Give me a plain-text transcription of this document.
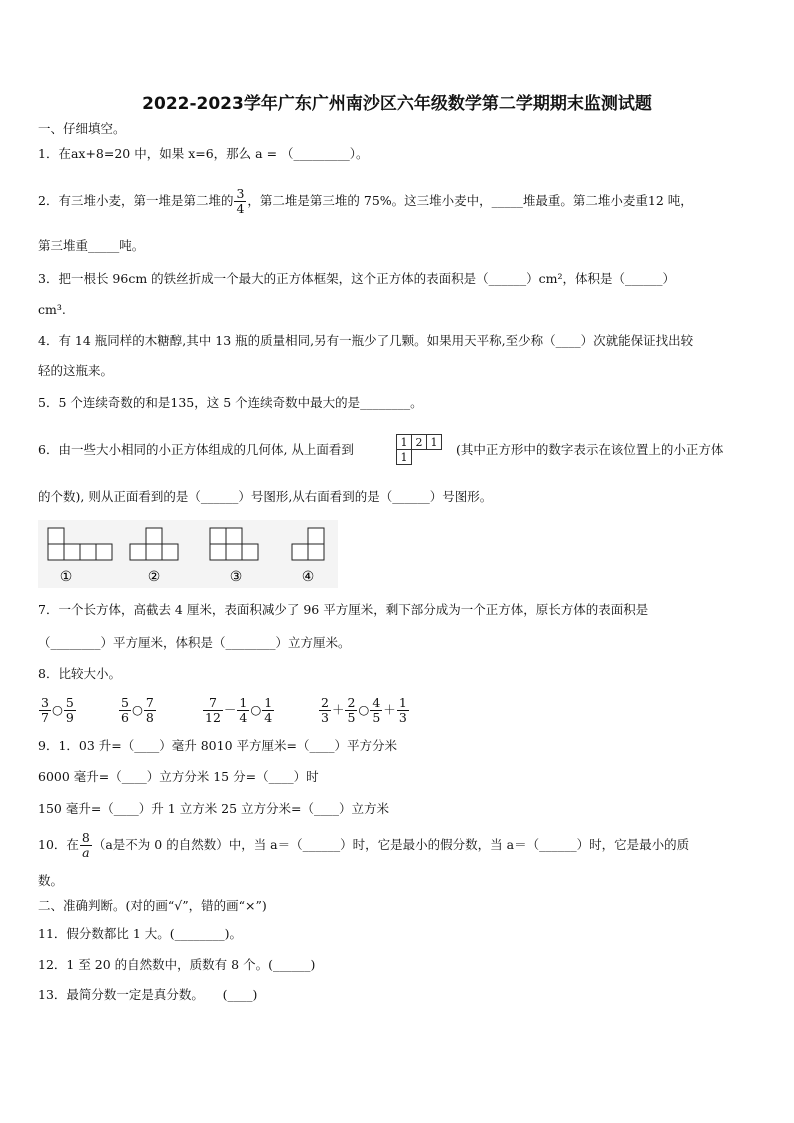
2022-2023学年广东广州南沙区六年级数学第二学期期末监测试题
一、仔细填空。
1．在ax+8=20 中，如果 x=6，那么 a = （_________）。
2．有三堆小麦，第一堆是第二堆的 $\frac{3}{4}$ ，第二堆是第三堆的 75%。这三堆小麦中，_____堆最重。第二堆小麦重12 吨，
第三堆重_____吨。
3．把一根长 96cm 的铁丝折成一个最大的正方体框架，这个正方体的表面积是（______）cm²，体积是（______）
cm³.
4．有 14 瓶同样的木糖醇,其中 13 瓶的质量相同,另有一瓶少了几颗。如果用天平称,至少称（____）次就能保证找出较
轻的这瓶来。
5．5 个连续奇数的和是135，这 5 个连续奇数中最大的是________。
6．由一些大小相同的小正方体组成的几何体, 从上面看到	1	2	1
1			(其中正方形中的数字表示在该位置上的小正方体
的个数), 则从正面看到的是（______）号图形,从右面看到的是（______）号图形。
①	②	③	④
7．一个长方体，高截去 4 厘米，表面积减少了 96 平方厘米，剩下部分成为一个正方体，原长方体的表面积是
（________）平方厘米，体积是（________）立方厘米。
8．比较大小。
$\frac{3}{7}$ ○ $\frac{5}{9}$	$\frac{5}{6}$ ○ $\frac{7}{8}$	$\frac{7}{12} - \frac{1}{4}$ ○ $\frac{1}{4}$	$\frac{2}{3} + \frac{2}{5}$ ○ $\frac{4}{5} + \frac{1}{3}$
9．1．03 升=（____）毫升 8010 平方厘米=（____）平方分米
6000 毫升=（____）立方分米 15 分=（____）时
150 毫升=（____）升 1 立方米 25 立方分米=（____）立方米
10．在 $\frac{8}{a} (a$是不为 0 的自然数）中，当 a＝（______）时，它是最小的假分数，当 a＝（______）时，它是最小的质
数。
二、准确判断。(对的画“√”，错的画“×”)
11．假分数都比 1 大。(________)。
12．1 至 20 的自然数中，质数有 8 个。(______)
13．最简分数一定是真分数。　　(____)
